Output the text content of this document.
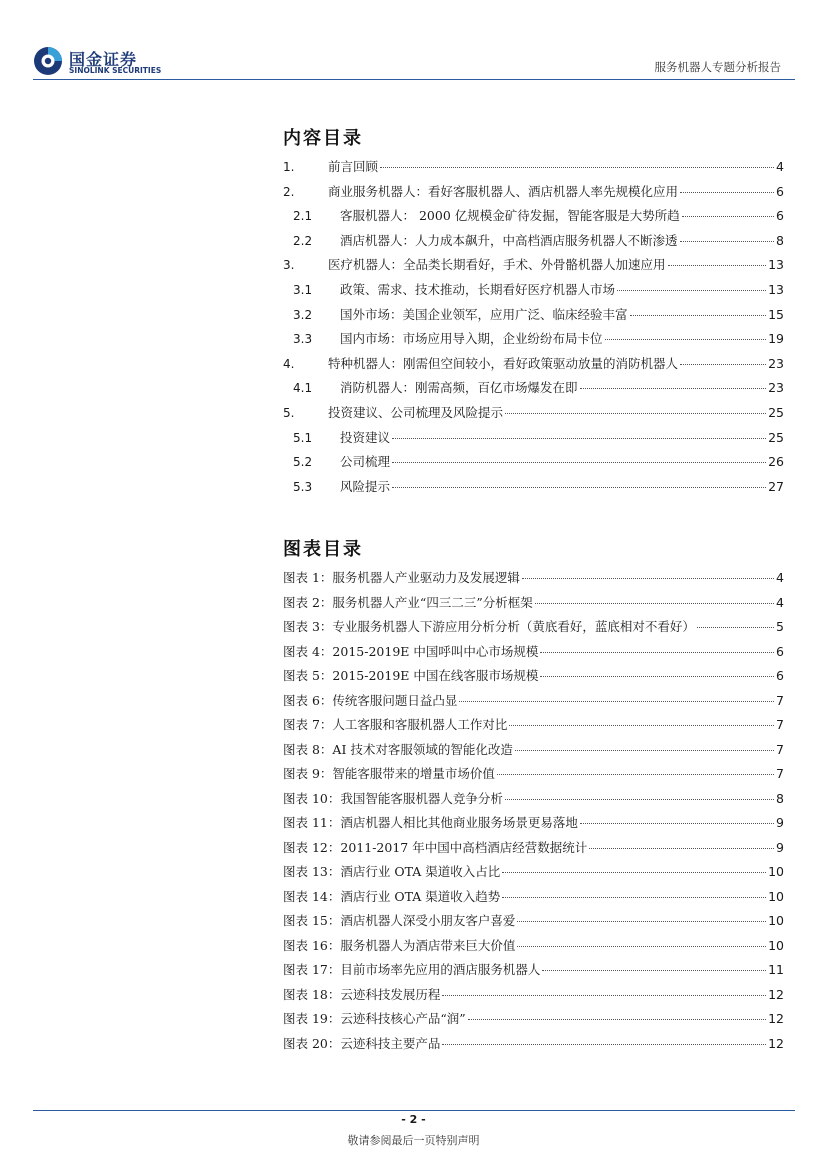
国金证券
SINOLINK SECURITIES	服务机器人专题分析报告
内容目录
1.	前言回顾	4
2.	商业服务机器人：看好客服机器人、酒店机器人率先规模化应用	6
2.1	客服机器人： 2000 亿规模金矿待发掘，智能客服是大势所趋	6
2.2	酒店机器人：人力成本飙升，中高档酒店服务机器人不断渗透	8
3.	医疗机器人：全品类长期看好，手术、外骨骼机器人加速应用	13
3.1	政策、需求、技术推动，长期看好医疗机器人市场	13
3.2	国外市场：美国企业领军，应用广泛、临床经验丰富	15
3.3	国内市场：市场应用导入期，企业纷纷布局卡位	19
4.	特种机器人：刚需但空间较小，看好政策驱动放量的消防机器人	23
4.1	消防机器人：刚需高频，百亿市场爆发在即	23
5.	投资建议、公司梳理及风险提示	25
5.1	投资建议	25
5.2	公司梳理	26
5.3	风险提示	27
图表目录
图表 1：服务机器人产业驱动力及发展逻辑	4
图表 2：服务机器人产业“四三二三”分析框架	4
图表 3：专业服务机器人下游应用分析分析（黄底看好，蓝底相对不看好）	5
图表 4：2015-2019E 中国呼叫中心市场规模	6
图表 5：2015-2019E 中国在线客服市场规模	6
图表 6：传统客服问题日益凸显	7
图表 7：人工客服和客服机器人工作对比	7
图表 8：AI 技术对客服领域的智能化改造	7
图表 9：智能客服带来的增量市场价值	7
图表 10：我国智能客服机器人竞争分析	8
图表 11：酒店机器人相比其他商业服务场景更易落地	9
图表 12：2011-2017 年中国中高档酒店经营数据统计	9
图表 13：酒店行业 OTA 渠道收入占比	10
图表 14：酒店行业 OTA 渠道收入趋势	10
图表 15：酒店机器人深受小朋友客户喜爱	10
图表 16：服务机器人为酒店带来巨大价值	10
图表 17：目前市场率先应用的酒店服务机器人	11
图表 18：云迹科技发展历程	12
图表 19：云迹科技核心产品“润”	12
图表 20：云迹科技主要产品	12
- 2 -
敬请参阅最后一页特别声明
